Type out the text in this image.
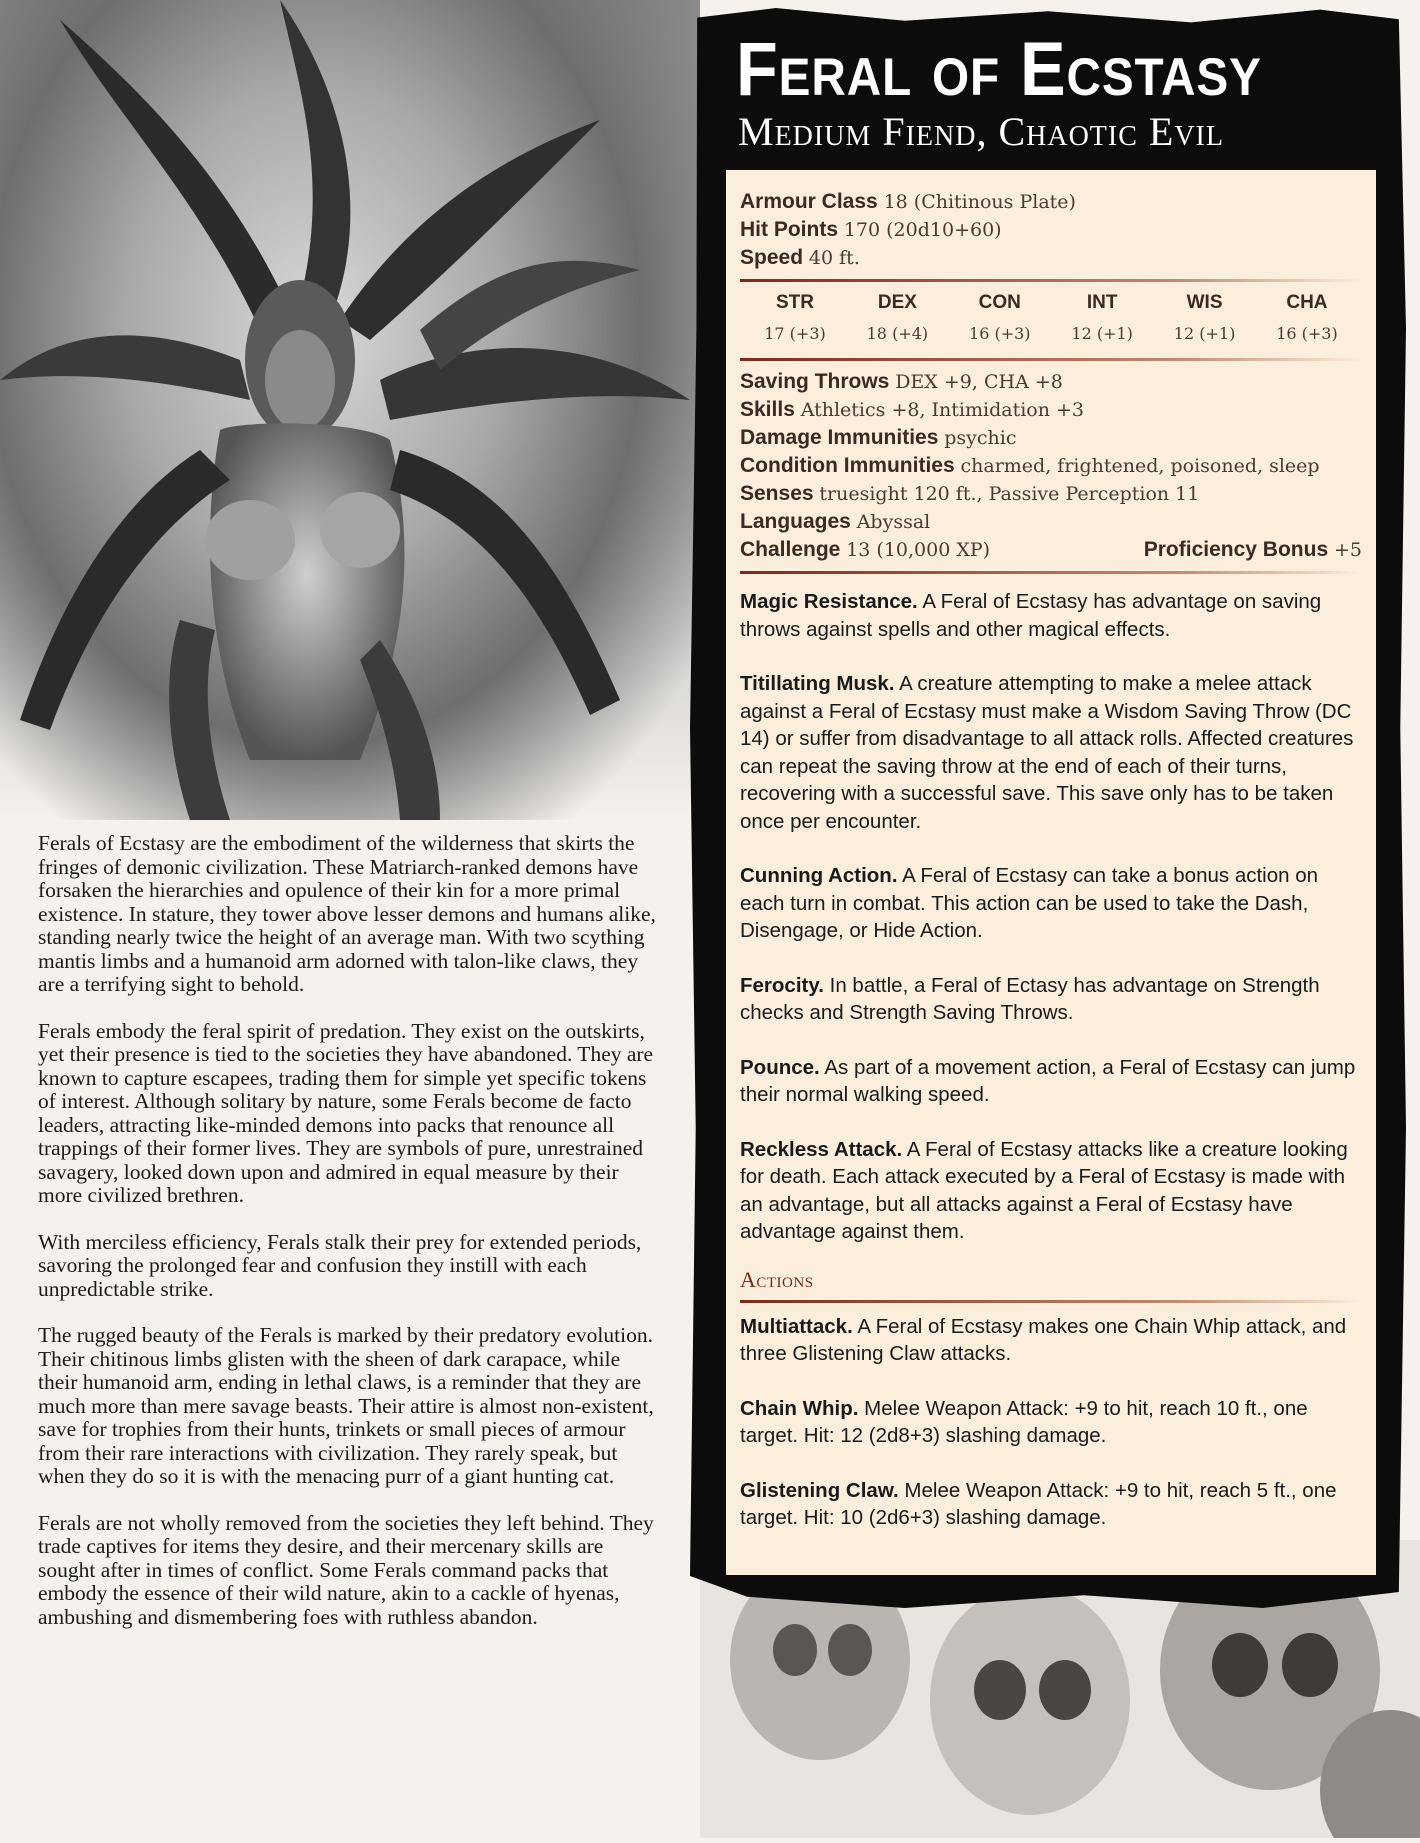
Ferals of Ecstasy are the embodiment of the wilderness that skirts the fringes of demonic civilization. These Matriarch-ranked demons have forsaken the hierarchies and opulence of their kin for a more primal existence. In stature, they tower above lesser demons and humans alike, standing nearly twice the height of an average man. With two scything mantis limbs and a humanoid arm adorned with talon-like claws, they are a terrifying sight to behold.

Ferals embody the feral spirit of predation. They exist on the outskirts, yet their presence is tied to the societies they have abandoned. They are known to capture escapees, trading them for simple yet specific tokens of interest. Although solitary by nature, some Ferals become de facto leaders, attracting like-minded demons into packs that renounce all trappings of their former lives. They are symbols of pure, unrestrained savagery, looked down upon and admired in equal measure by their more civilized brethren.

With merciless efficiency, Ferals stalk their prey for extended periods, savoring the prolonged fear and confusion they instill with each unpredictable strike.

The rugged beauty of the Ferals is marked by their predatory evolution. Their chitinous limbs glisten with the sheen of dark carapace, while their humanoid arm, ending in lethal claws, is a reminder that they are much more than mere savage beasts. Their attire is almost non-existent, save for trophies from their hunts, trinkets or small pieces of armour from their rare interactions with civilization. They rarely speak, but when they do so it is with the menacing purr of a giant hunting cat.

Ferals are not wholly removed from the societies they left behind. They trade captives for items they desire, and their mercenary skills are sought after in times of conflict. Some Ferals command packs that embody the essence of their wild nature, akin to a cackle of hyenas, ambushing and dismembering foes with ruthless abandon.

Feral of Ecstasy
Medium Fiend, Chaotic Evil
Armour Class 18 (Chitinous Plate)
Hit Points 170 (20d10+60)
Speed 40 ft.
STR
17 (+3)
DEX
18 (+4)
CON
16 (+3)
INT
12 (+1)
WIS
12 (+1)
CHA
16 (+3)
Saving Throws DEX +9, CHA +8
Skills Athletics +8, Intimidation +3
Damage Immunities psychic
Condition Immunities charmed, frightened, poisoned, sleep
Senses truesight 120 ft., Passive Perception 11
Languages Abyssal
Challenge 13 (10,000 XP)	Proficiency Bonus +5

Magic Resistance. A Feral of Ecstasy has advantage on saving throws against spells and other magical effects.

Titillating Musk. A creature attempting to make a melee attack against a Feral of Ecstasy must make a Wisdom Saving Throw (DC 14) or suffer from disadvantage to all attack rolls. Affected creatures can repeat the saving throw at the end of each of their turns, recovering with a successful save. This save only has to be taken once per encounter.

Cunning Action. A Feral of Ecstasy can take a bonus action on each turn in combat. This action can be used to take the Dash, Disengage, or Hide Action.

Ferocity. In battle, a Feral of Ectasy has advantage on Strength checks and Strength Saving Throws.

Pounce. As part of a movement action, a Feral of Ecstasy can jump their normal walking speed.

Reckless Attack. A Feral of Ecstasy attacks like a creature looking for death. Each attack executed by a Feral of Ecstasy is made with an advantage, but all attacks against a Feral of Ecstasy have advantage against them.

Actions

Multiattack. A Feral of Ecstasy makes one Chain Whip attack, and three Glistening Claw attacks.

Chain Whip. Melee Weapon Attack: +9 to hit, reach 10 ft., one target. Hit: 12 (2d8+3) slashing damage.

Glistening Claw. Melee Weapon Attack: +9 to hit, reach 5 ft., one target. Hit: 10 (2d6+3) slashing damage.
